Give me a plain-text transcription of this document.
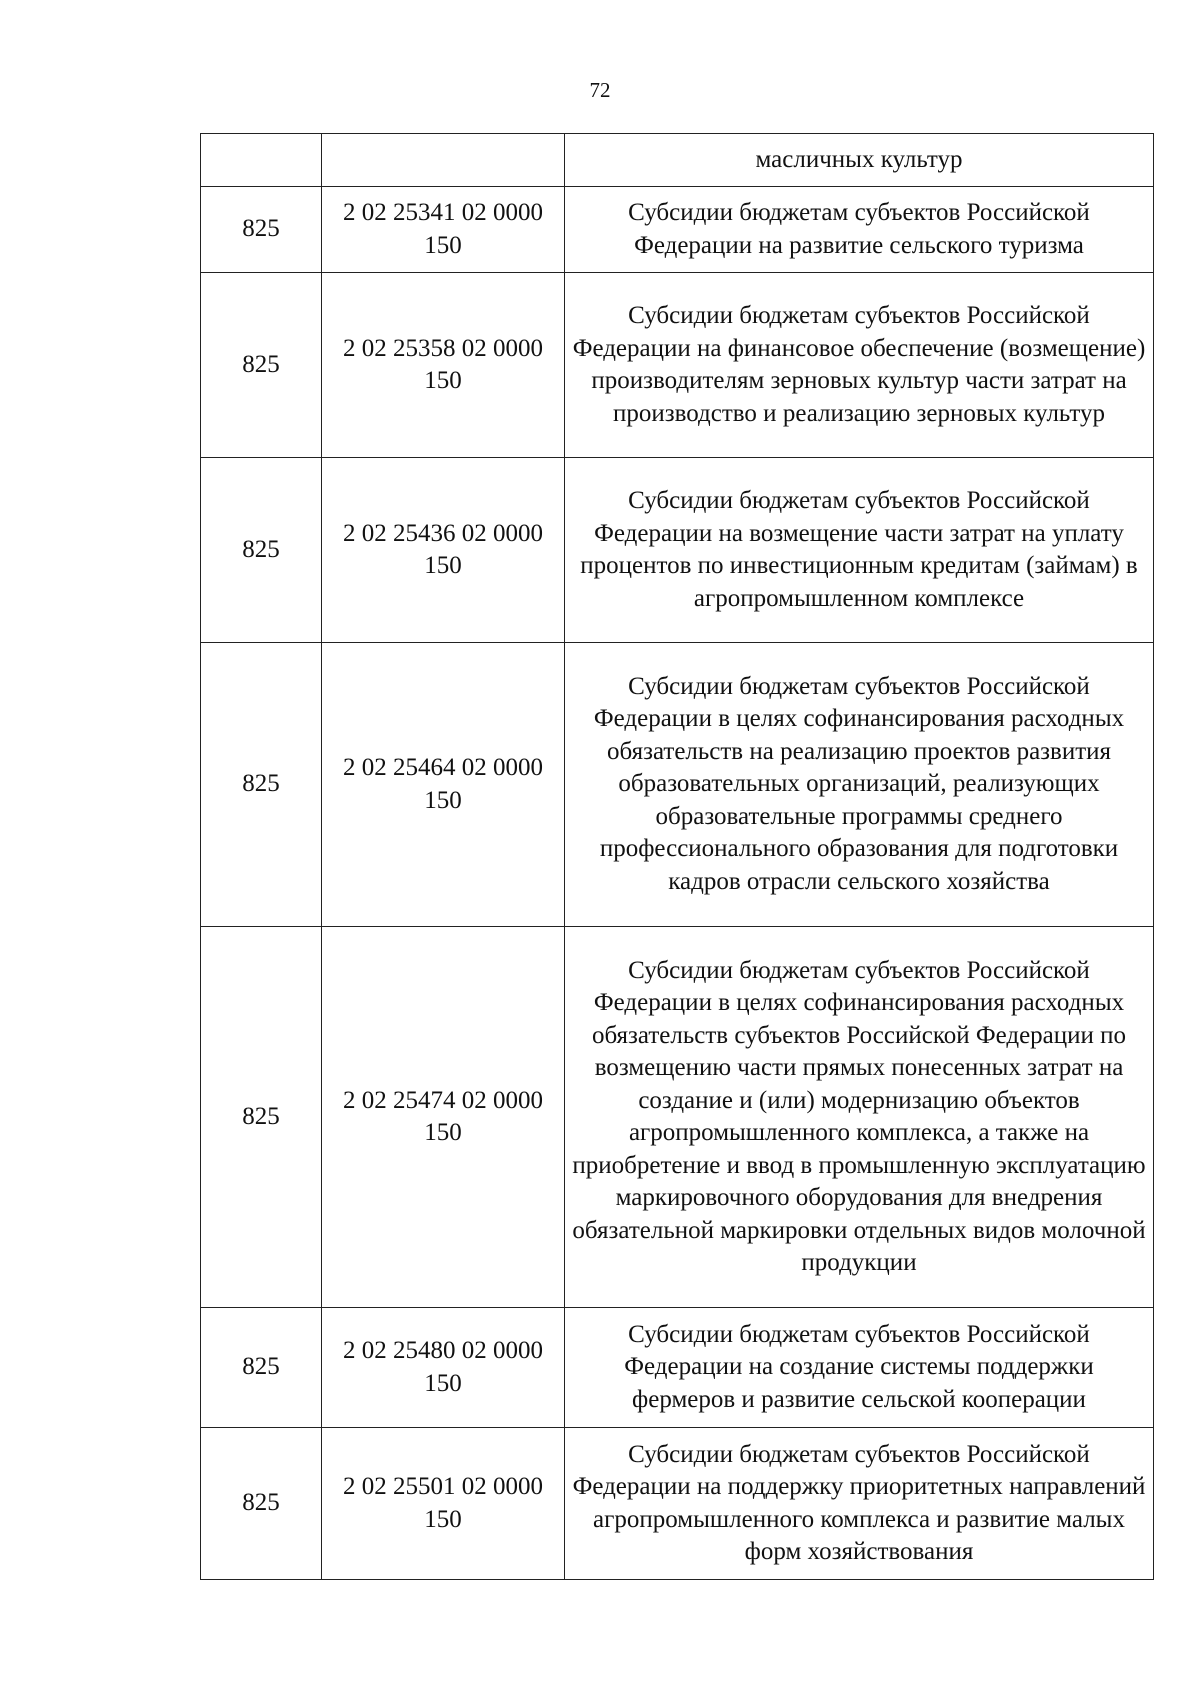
72
		масличных культур
825	2 02 25341 02 0000 150	Субсидии бюджетам субъектов Российской Федерации на развитие сельского туризма
825	2 02 25358 02 0000 150	Субсидии бюджетам субъектов Российской Федерации на финансовое обеспечение (возмещение) производителям зерновых культур части затрат на производство и реализацию зерновых культур
825	2 02 25436 02 0000 150	Субсидии бюджетам субъектов Российской Федерации на возмещение части затрат на уплату процентов по инвестиционным кредитам (займам) в агропромышленном комплексе
825	2 02 25464 02 0000 150	Субсидии бюджетам субъектов Российской Федерации в целях софинансирования расходных обязательств на реализацию проектов развития образовательных организаций, реализующих образовательные программы среднего профессионального образования для подготовки кадров отрасли сельского хозяйства
825	2 02 25474 02 0000 150	Субсидии бюджетам субъектов Российской Федерации в целях софинансирования расходных обязательств субъектов Российской Федерации по возмещению части прямых понесенных затрат на создание и (или) модернизацию объектов агропромышленного комплекса, а также на приобретение и ввод в промышленную эксплуатацию маркировочного оборудования для внедрения обязательной маркировки отдельных видов молочной продукции
825	2 02 25480 02 0000 150	Субсидии бюджетам субъектов Российской Федерации на создание системы поддержки фермеров и развитие сельской кооперации
825	2 02 25501 02 0000 150	Субсидии бюджетам субъектов Российской Федерации на поддержку приоритетных направлений агропромышленного комплекса и развитие малых форм хозяйствования
